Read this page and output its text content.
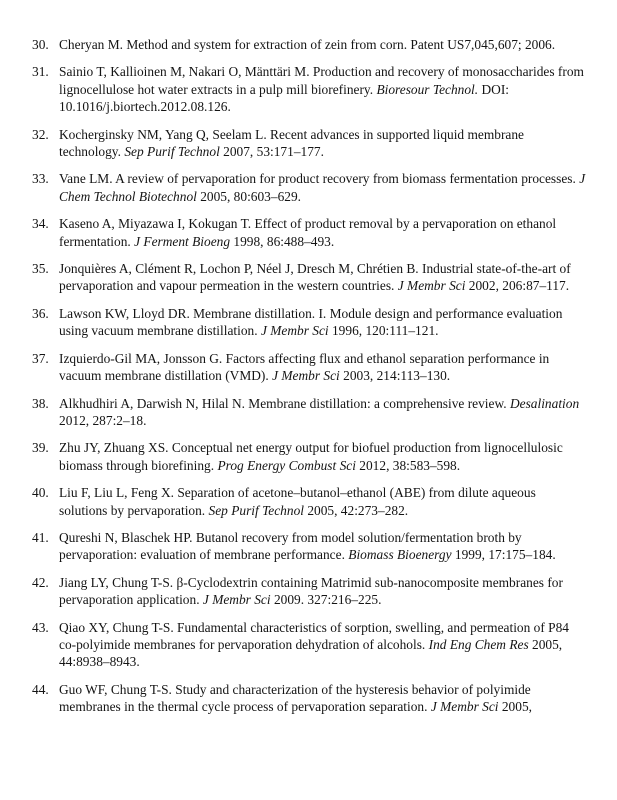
30. Cheryan M. Method and system for extraction of zein from corn. Patent US7,045,607; 2006.
31. Sainio T, Kallioinen M, Nakari O, Mänttäri M. Production and recovery of monosaccharides from lignocellulose hot water extracts in a pulp mill biorefinery. Bioresour Technol. DOI: 10.1016/j.biortech.2012.08.126.
32. Kocherginsky NM, Yang Q, Seelam L. Recent advances in supported liquid membrane technology. Sep Purif Technol 2007, 53:171–177.
33. Vane LM. A review of pervaporation for product recovery from biomass fermentation processes. J Chem Technol Biotechnol 2005, 80:603–629.
34. Kaseno A, Miyazawa I, Kokugan T. Effect of product removal by a pervaporation on ethanol fermentation. J Ferment Bioeng 1998, 86:488–493.
35. Jonquières A, Clément R, Lochon P, Néel J, Dresch M, Chrétien B. Industrial state-of-the-art of pervaporation and vapour permeation in the western countries. J Membr Sci 2002, 206:87–117.
36. Lawson KW, Lloyd DR. Membrane distillation. I. Module design and performance evaluation using vacuum membrane distillation. J Membr Sci 1996, 120:111–121.
37. Izquierdo-Gil MA, Jonsson G. Factors affecting flux and ethanol separation performance in vacuum membrane distillation (VMD). J Membr Sci 2003, 214:113–130.
38. Alkhudhiri A, Darwish N, Hilal N. Membrane distillation: a comprehensive review. Desalination 2012, 287:2–18.
39. Zhu JY, Zhuang XS. Conceptual net energy output for biofuel production from lignocellulosic biomass through biorefining. Prog Energy Combust Sci 2012, 38:583–598.
40. Liu F, Liu L, Feng X. Separation of acetone–butanol–ethanol (ABE) from dilute aqueous solutions by pervaporation. Sep Purif Technol 2005, 42:273–282.
41. Qureshi N, Blaschek HP. Butanol recovery from model solution/fermentation broth by pervaporation: evaluation of membrane performance. Biomass Bioenergy 1999, 17:175–184.
42. Jiang LY, Chung T-S. β-Cyclodextrin containing Matrimid sub-nanocomposite membranes for pervaporation application. J Membr Sci 2009. 327:216–225.
43. Qiao XY, Chung T-S. Fundamental characteristics of sorption, swelling, and permeation of P84 co-polyimide membranes for pervaporation dehydration of alcohols. Ind Eng Chem Res 2005, 44:8938–8943.
44. Guo WF, Chung T-S. Study and characterization of the hysteresis behavior of polyimide membranes in the thermal cycle process of pervaporation separation. J Membr Sci 2005,
